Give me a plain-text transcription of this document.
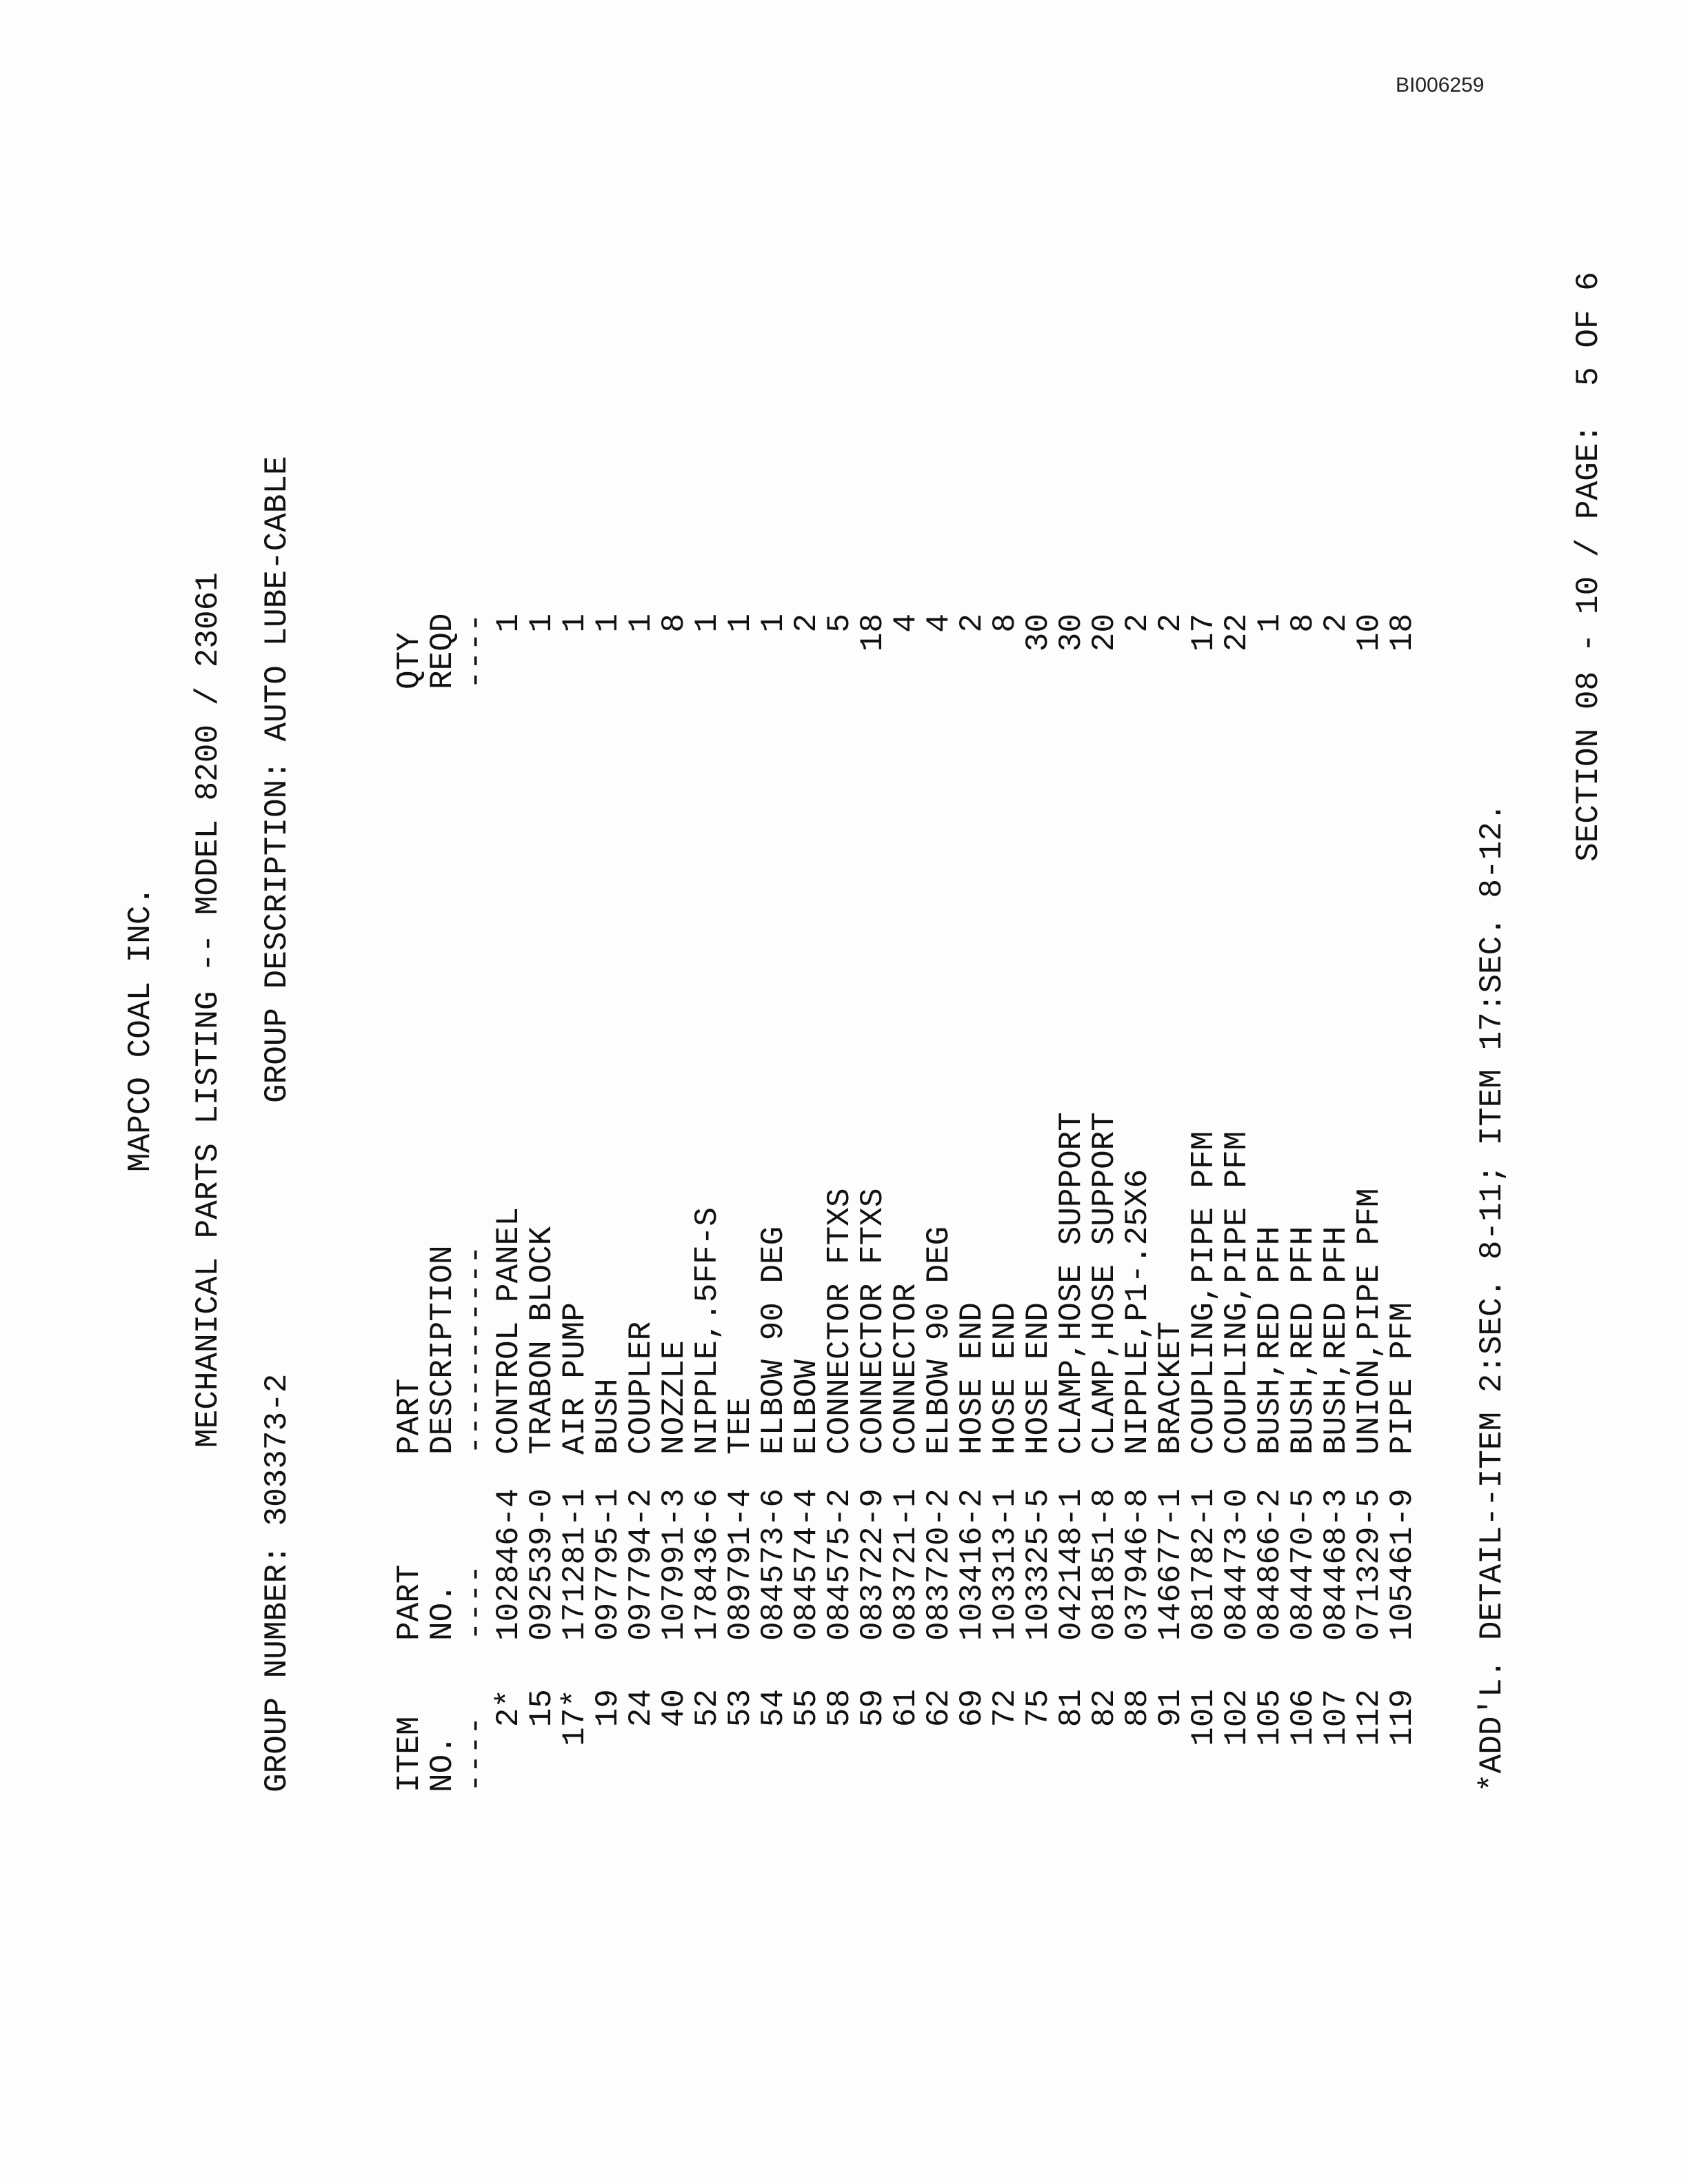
BI006259

MAPCO COAL INC.

MECHANICAL PARTS LISTING -- MODEL 8200 / 23061

GROUP NUMBER: 303373-2

GROUP DESCRIPTION: AUTO LUBE-CABLE

ITEM

NO.

----

PART

NO.

----

PART

DESCRIPTION

-----------

QTY

REQD

----

2*
102846-4
CONTROL PANEL
1

15
092539-0
TRABON BLOCK
1

17*
171281-1
AIR PUMP
1

19
097795-1
BUSH
1

24
097794-2
COUPLER
1

40
107991-3
NOZZLE
8

52
178436-6
NIPPLE,.5FF-S
1

53
089791-4
TEE
1

54
084573-6
ELBOW 90 DEG
1

55
084574-4
ELBOW
2

58
084575-2
CONNECTOR FTXS
5

59
083722-9
CONNECTOR FTXS
18

61
083721-1
CONNECTOR
4

62
083720-2
ELBOW 90 DEG
4

69
103416-2
HOSE END
2

72
103313-1
HOSE END
8

75
103325-5
HOSE END
30

81
042148-1
CLAMP,HOSE SUPPORT
30

82
081851-8
CLAMP,HOSE SUPPORT
20

88
037946-8
NIPPLE,P1-.25X6
2

91
146677-1
BRACKET
2

101
081782-1
COUPLING,PIPE PFM
17

102
084473-0
COUPLING,PIPE PFM
22

105
084866-2
BUSH,RED PFH
1

106
084470-5
BUSH,RED PFH
8

107
084468-3
BUSH,RED PFH
2

112
071329-5
UNION,PIPE PFM
10

119
105461-9
PIPE PFM
18

*ADD'L. DETAIL--ITEM 2:SEC. 8-11; ITEM 17:SEC. 8-12.

SECTION 08 - 10 / PAGE:  5 OF 6
